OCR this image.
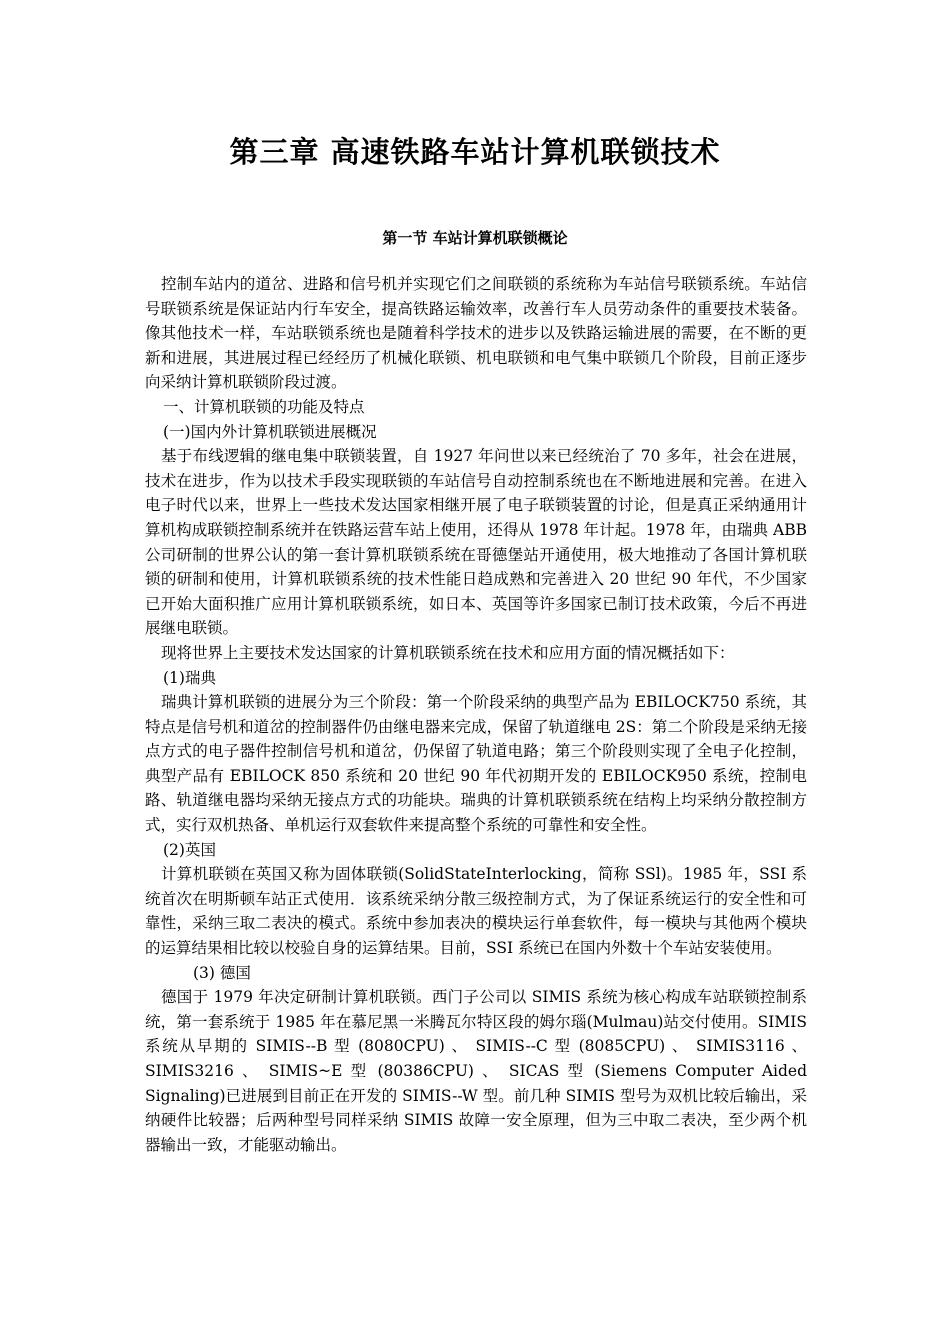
第三章 高速铁路车站计算机联锁技术
第一节 车站计算机联锁概论

控制车站内的道岔、进路和信号机并实现它们之间联锁的系统称为车站信号联锁系统。车站信号联锁系统是保证站内行车安全，提高铁路运输效率，改善行车人员劳动条件的重要技术装备。像其他技术一样，车站联锁系统也是随着科学技术的进步以及铁路运输进展的需要，在不断的更新和进展，其进展过程已经经历了机械化联锁、机电联锁和电气集中联锁几个阶段，目前正逐步向采纳计算机联锁阶段过渡。

一、计算机联锁的功能及特点

(一)国内外计算机联锁进展概况

基于布线逻辑的继电集中联锁装置，自 1927 年问世以来已经统治了 70 多年，社会在进展，技术在进步，作为以技术手段实现联锁的车站信号自动控制系统也在不断地进展和完善。在进入电子时代以来，世界上一些技术发达国家相继开展了电子联锁装置的讨论，但是真正采纳通用计算机构成联锁控制系统并在铁路运营车站上使用，还得从 1978 年计起。1978 年，由瑞典 ABB 公司研制的世界公认的第一套计算机联锁系统在哥德堡站开通使用，极大地推动了各国计算机联锁的研制和使用，计算机联锁系统的技术性能日趋成熟和完善进入 20 世纪 90 年代，不少国家已开始大面积推广应用计算机联锁系统，如日本、英国等许多国家已制订技术政策，今后不再进展继电联锁。

现将世界上主要技术发达国家的计算机联锁系统在技术和应用方面的情况概括如下：

(1)瑞典

瑞典计算机联锁的进展分为三个阶段：第一个阶段采纳的典型产品为 EBILOCK750 系统，其特点是信号机和道岔的控制器件仍由继电器来完成，保留了轨道继电 2S：第二个阶段是采纳无接点方式的电子器件控制信号机和道岔，仍保留了轨道电路；第三个阶段则实现了全电子化控制，典型产品有 EBILOCK 850 系统和 20 世纪 90 年代初期开发的 EBILOCK950 系统，控制电路、轨道继电器均采纳无接点方式的功能块。瑞典的计算机联锁系统在结构上均采纳分散控制方式，实行双机热备、单机运行双套软件来提高整个系统的可靠性和安全性。

(2)英国

计算机联锁在英国又称为固体联锁(SolidStateInterlocking，简称 SSl)。1985 年，SSI 系统首次在明斯顿车站正式使用．该系统采纳分散三级控制方式，为了保证系统运行的安全性和可靠性，采纳三取二表决的模式。系统中参加表决的模块运行单套软件，每一模块与其他两个模块的运算结果相比较以校验自身的运算结果。目前，SSI 系统已在国内外数十个车站安装使用。

(3) 德国

德国于 1979 年决定研制计算机联锁。西门子公司以 SIMIS 系统为核心构成车站联锁控制系统，第一套系统于 1985 年在慕尼黑一米腾瓦尔特区段的姆尔瑙(Mulmau)站交付使用。SIMIS 系统从早期的 SIMIS--B 型 (8080CPU) 、 SIMIS--C 型 (8085CPU) 、 SIMIS3116 、 SIMIS3216 、 SIMIS~E 型 (80386CPU) 、 SICAS 型 (Siemens Computer Aided Signaling)已进展到目前正在开发的 SIMIS--W 型。前几种 SIMIS 型号为双机比较后输出，采纳硬件比较器；后两种型号同样采纳 SIMIS 故障一安全原理，但为三中取二表决，至少两个机器输出一致，才能驱动输出。
